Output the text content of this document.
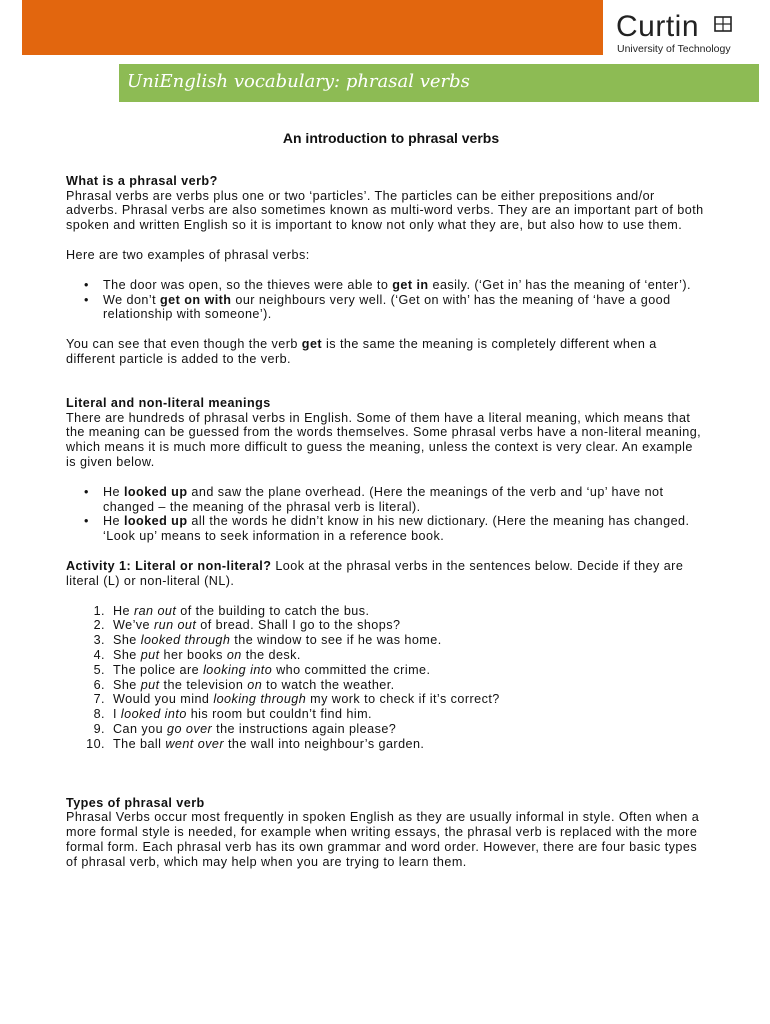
Curtin
University of Technology
UniEnglish vocabulary: phrasal verbs
An introduction to phrasal verbs

What is a phrasal verb?

Phrasal verbs are verbs plus one or two ‘particles’. The particles can be either prepositions and/or adverbs. Phrasal verbs are also sometimes known as multi-word verbs. They are an important part of both spoken and written English so it is important to know not only what they are, but also how to use them.

Here are two examples of phrasal verbs:

• The door was open, so the thieves were able to get in easily. (‘Get in’ has the meaning of ‘enter’).
• We don’t get on with our neighbours very well. (‘Get on with’ has the meaning of ‘have a good relationship with someone’).

You can see that even though the verb get is the same the meaning is completely different when a different particle is added to the verb.

Literal and non-literal meanings

There are hundreds of phrasal verbs in English. Some of them have a literal meaning, which means that the meaning can be guessed from the words themselves. Some phrasal verbs have a non-literal meaning, which means it is much more difficult to guess the meaning, unless the context is very clear. An example is given below.

• He looked up and saw the plane overhead. (Here the meanings of the verb and ‘up’ have not changed – the meaning of the phrasal verb is literal).
• He looked up all the words he didn’t know in his new dictionary. (Here the meaning has changed. ‘Look up’ means to seek information in a reference book.

Activity 1: Literal or non-literal? Look at the phrasal verbs in the sentences below. Decide if they are literal (L) or non-literal (NL).

1. He ran out of the building to catch the bus.
2. We’ve run out of bread. Shall I go to the shops?
3. She looked through the window to see if he was home.
4. She put her books on the desk.
5. The police are looking into who committed the crime.
6. She put the television on to watch the weather.
7. Would you mind looking through my work to check if it’s correct?
8. I looked into his room but couldn’t find him.
9. Can you go over the instructions again please?
10. The ball went over the wall into neighbour’s garden.

Types of phrasal verb

Phrasal Verbs occur most frequently in spoken English as they are usually informal in style. Often when a more formal style is needed, for example when writing essays, the phrasal verb is replaced with the more formal form. Each phrasal verb has its own grammar and word order. However, there are four basic types of phrasal verb, which may help when you are trying to learn them.
